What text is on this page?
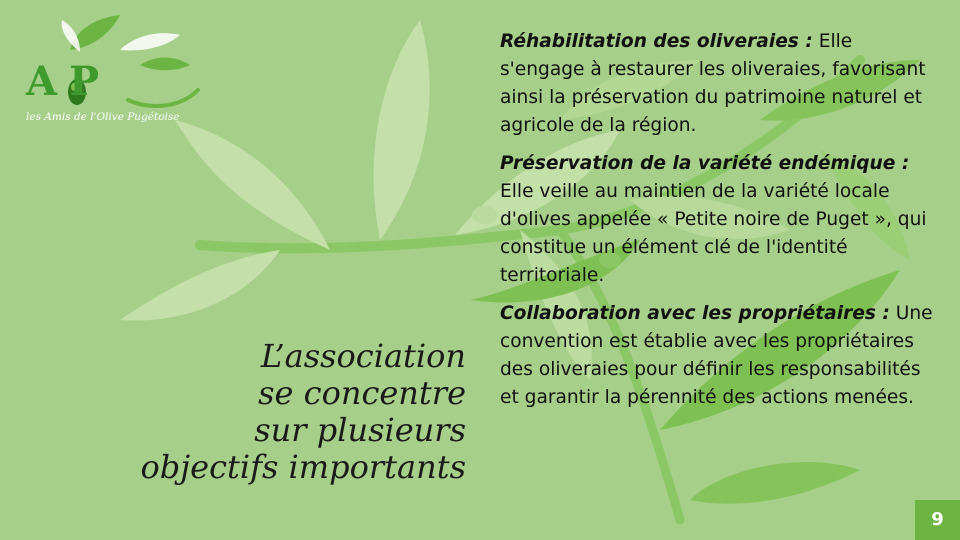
A P
les Amis de l'Olive Pugétoise
L’association
se concentre
sur plusieurs
objectifs importants

Réhabilitation des oliveraies : Elle s'engage à restaurer les oliveraies, favorisant ainsi la préservation du patrimoine naturel et agricole de la région.

Préservation de la variété endémique : Elle veille au maintien de la variété locale d'olives appelée « Petite noire de Puget », qui constitue un élément clé de l'identité territoriale.

Collaboration avec les propriétaires : Une convention est établie avec les propriétaires des oliveraies pour définir les responsabilités et garantir la pérennité des actions menées.

9
